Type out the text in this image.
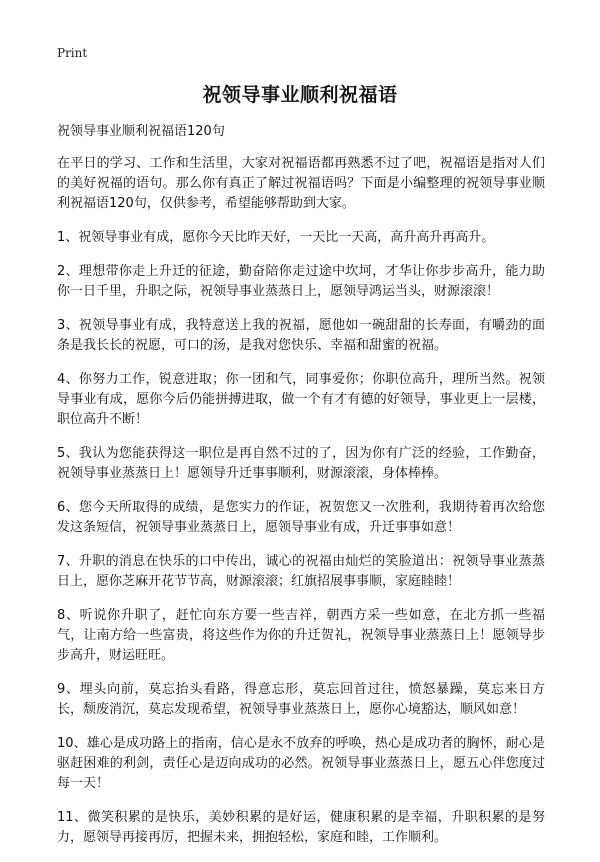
Print
祝领导事业顺利祝福语

祝领导事业顺利祝福语120句

在平日的学习、工作和生活里，大家对祝福语都再熟悉不过了吧，祝福语是指对人们的美好祝福的语句。那么你有真正了解过祝福语吗？下面是小编整理的祝领导事业顺利祝福语120句，仅供参考，希望能够帮助到大家。

1、祝领导事业有成，愿你今天比昨天好，一天比一天高，高升高升再高升。
2、理想带你走上升迁的征途，勤奋陪你走过途中坎坷，才华让你步步高升，能力助你一日千里，升职之际，祝领导事业蒸蒸日上，愿领导鸿运当头，财源滚滚！
3、祝领导事业有成，我特意送上我的祝福，愿他如一碗甜甜的长寿面，有嚼劲的面条是我长长的祝愿，可口的汤，是我对您快乐、幸福和甜蜜的祝福。
4、你努力工作，锐意进取；你一团和气，同事爱你；你职位高升，理所当然。祝领导事业有成，愿你今后仍能拼搏进取，做一个有才有德的好领导，事业更上一层楼，职位高升不断！
5、我认为您能获得这一职位是再自然不过的了，因为你有广泛的经验，工作勤奋，祝领导事业蒸蒸日上！愿领导升迁事事顺利，财源滚滚，身体棒棒。
6、您今天所取得的成绩，是您实力的作证，祝贺您又一次胜利，我期待着再次给您发这条短信，祝领导事业蒸蒸日上，愿领导事业有成，升迁事事如意！
7、升职的消息在快乐的口中传出，诚心的祝福由灿烂的笑脸道出：祝领导事业蒸蒸日上，愿你芝麻开花节节高，财源滚滚；红旗招展事事顺，家庭睦睦！
8、听说你升职了，赶忙向东方要一些吉祥，朝西方采一些如意，在北方抓一些福气，让南方给一些富贵，将这些作为你的升迁贺礼，祝领导事业蒸蒸日上！愿领导步步高升，财运旺旺。
9、埋头向前，莫忘抬头看路，得意忘形，莫忘回首过往，愤怒暴躁，莫忘来日方长，颓废消沉，莫忘发现希望，祝领导事业蒸蒸日上，愿你心境豁达，顺风如意！
10、雄心是成功路上的指南，信心是永不放弃的呼唤，热心是成功者的胸怀，耐心是驱赶困难的利剑，责任心是迈向成功的必然。祝领导事业蒸蒸日上，愿五心伴您度过每一天！
11、微笑积累的是快乐，美妙积累的是好运，健康积累的是幸福，升职积累的是努力，愿领导再接再厉，把握未来，拥抱轻松，家庭和睦，工作顺利。
